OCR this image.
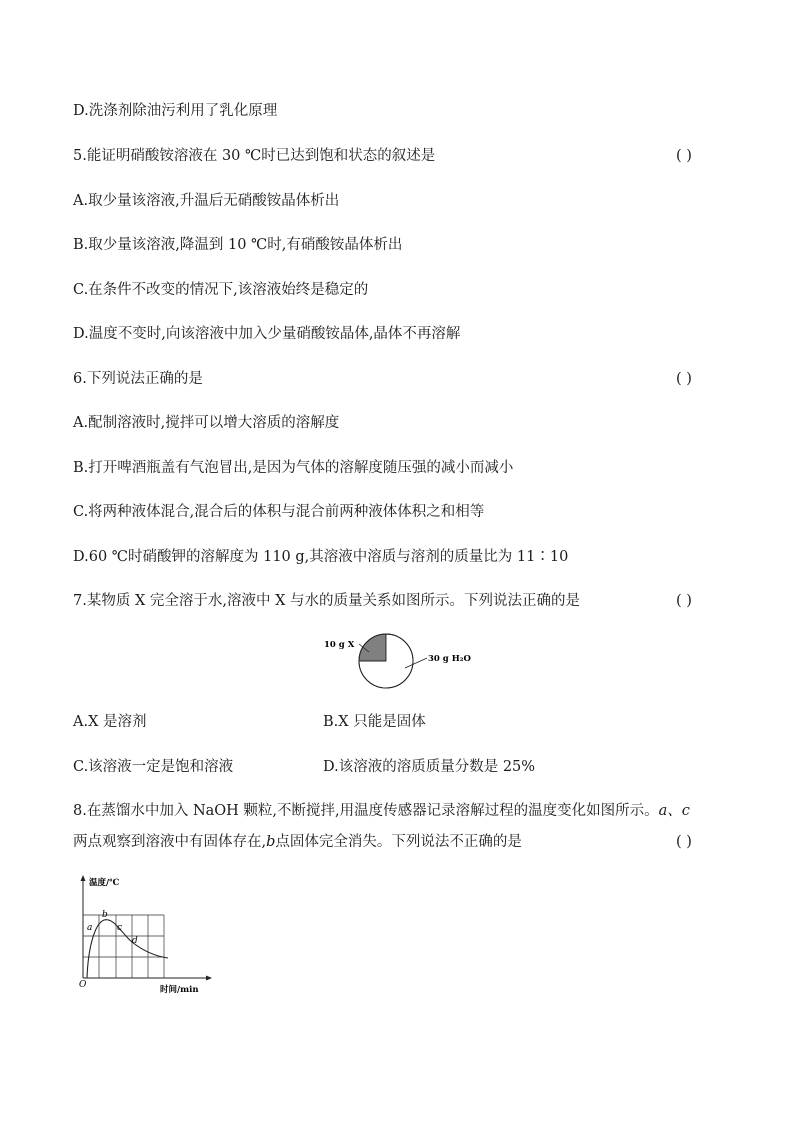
D.洗涤剂除油污利用了乳化原理
5.能证明硝酸铵溶液在 30 ℃时已达到饱和状态的叙述是	( )
A.取少量该溶液,升温后无硝酸铵晶体析出
B.取少量该溶液,降温到 10 ℃时,有硝酸铵晶体析出
C.在条件不改变的情况下,该溶液始终是稳定的
D.温度不变时,向该溶液中加入少量硝酸铵晶体,晶体不再溶解
6.下列说法正确的是	( )
A.配制溶液时,搅拌可以增大溶质的溶解度
B.打开啤酒瓶盖有气泡冒出,是因为气体的溶解度随压强的减小而减小
C.将两种液体混合,混合后的体积与混合前两种液体体积之和相等
D.60 ℃时硝酸钾的溶解度为 110 g,其溶液中溶质与溶剂的质量比为 11∶10
7.某物质 X 完全溶于水,溶液中 X 与水的质量关系如图所示。下列说法正确的是	( )
10 g X
30 g H₂O
A.X 是溶剂	B.X 只能是固体
C.该溶液一定是饱和溶液	D.该溶液的溶质质量分数是 25%
8.在蒸馏水中加入 NaOH 颗粒,不断搅拌,用温度传感器记录溶解过程的温度变化如图所示。a、c
两点观察到溶液中有固体存在,b点固体完全消失。下列说法不正确的是	( )
温度/℃
时间/min
O
a
b
c
d
